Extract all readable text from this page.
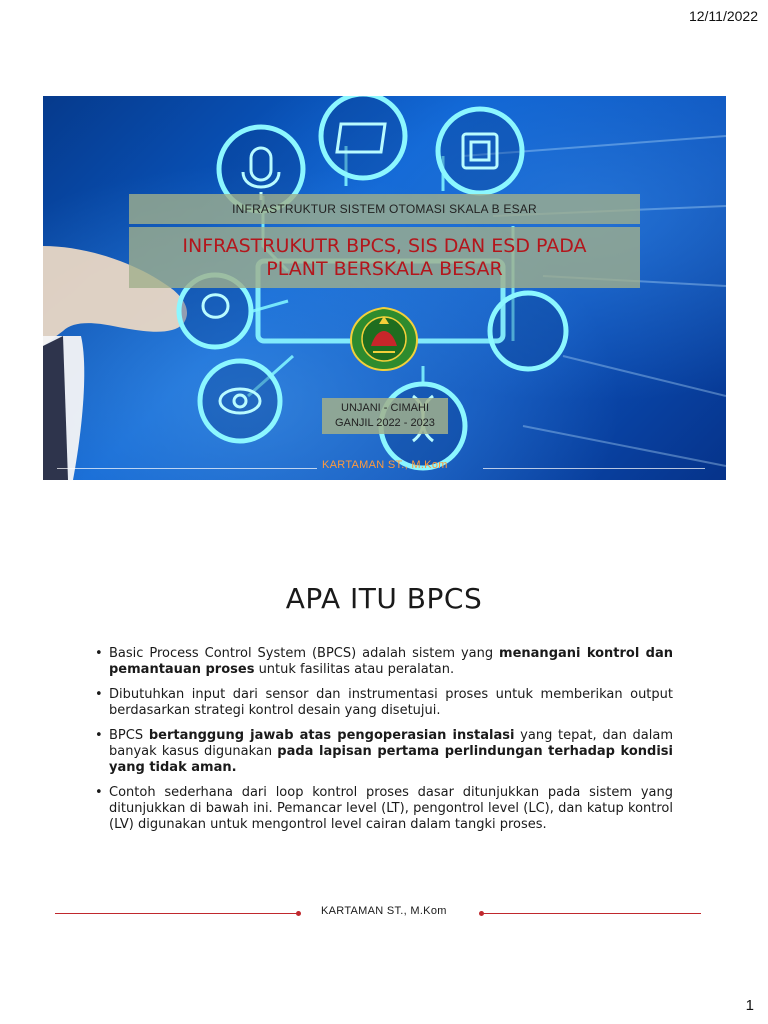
12/11/2022
INFRASTRUKTUR SISTEM OTOMASI SKALA B ESAR
INFRASTRUKUTR BPCS, SIS DAN ESD PADA
PLANT BERSKALA BESAR
UNJANI - CIMAHI
GANJIL 2022 - 2023
KARTAMAN ST., M.Kom
APA ITU BPCS
• Basic Process Control System (BPCS) adalah sistem yang menangani kontrol dan pemantauan proses untuk fasilitas atau peralatan.
• Dibutuhkan input dari sensor dan instrumentasi proses untuk memberikan output berdasarkan strategi kontrol desain yang disetujui.
• BPCS bertanggung jawab atas pengoperasian instalasi yang tepat, dan dalam banyak kasus digunakan pada lapisan pertama perlindungan terhadap kondisi yang tidak aman.
• Contoh sederhana dari loop kontrol proses dasar ditunjukkan pada sistem yang ditunjukkan di bawah ini. Pemancar level (LT), pengontrol level (LC), dan katup kontrol (LV) digunakan untuk mengontrol level cairan dalam tangki proses.
KARTAMAN ST., M.Kom
1
